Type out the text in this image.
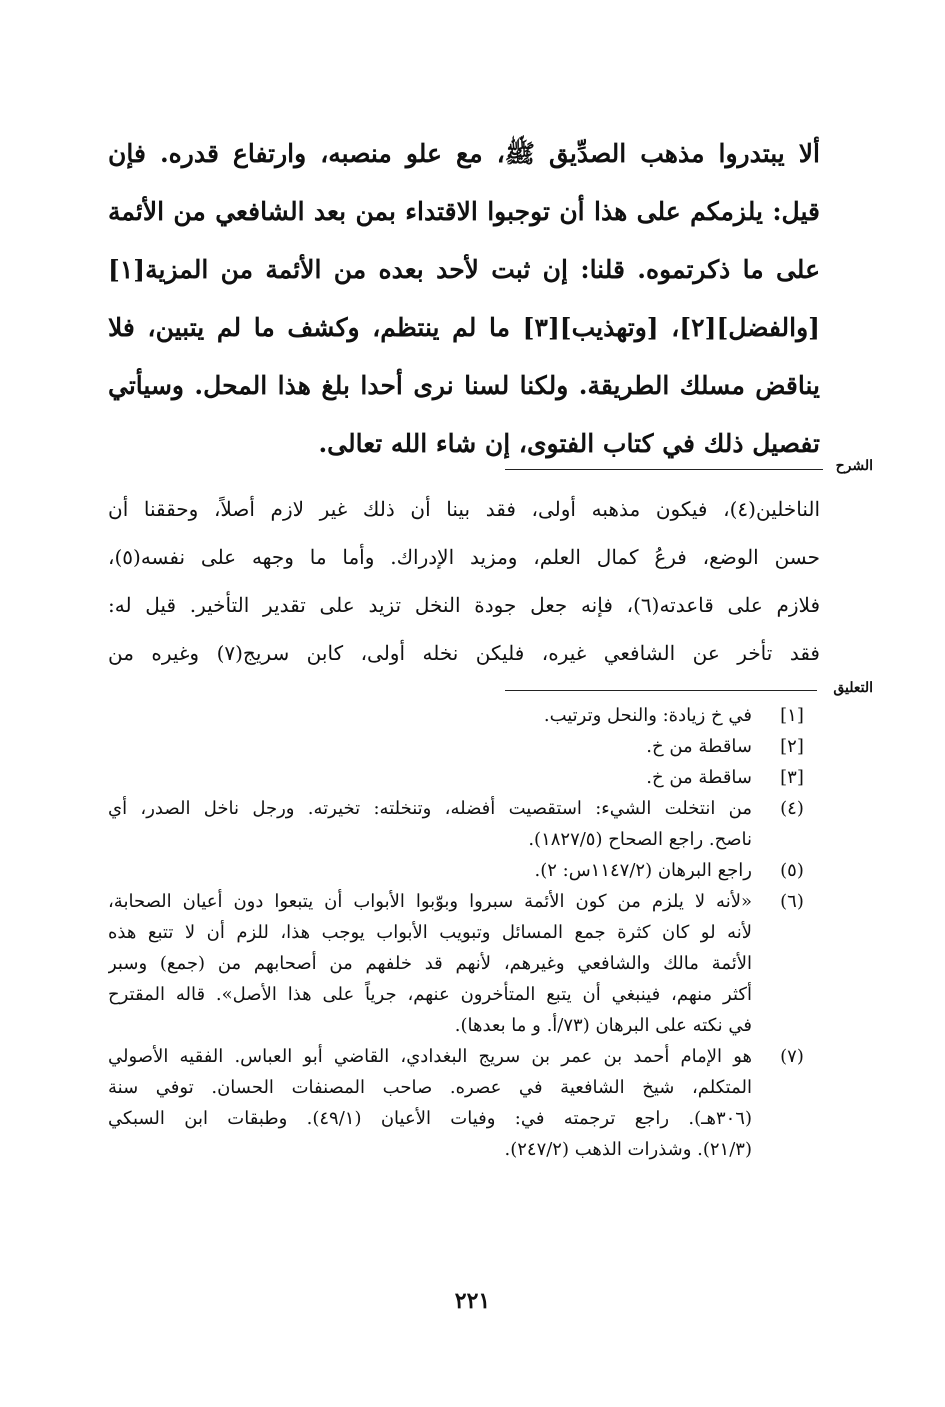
ألا يبتدروا مذهب الصدِّيق ﷺ، مع علو منصبه، وارتفاع قدره. فإن
قيل: يلزمكم على هذا أن توجبوا الاقتداء بمن بعد الشافعي من الأئمة
على ما ذكرتموه. قلنا: إن ثبت لأحد بعده من الأئمة من المزية[١]
[والفضل][٢]، [وتهذيب][٣] ما لم ينتظم، وكشف ما لم يتبين، فلا
يناقض مسلك الطريقة. ولكنا لسنا نرى أحدا بلغ هذا المحل. وسيأتي
تفصيل ذلك في كتاب الفتوى، إن شاء الله تعالى.
الشرح
الناخلين(٤)، فيكون مذهبه أولى، فقد بينا أن ذلك غير لازم أصلاً، وحققنا أن
حسن الوضع، فرعُ كمال العلم، ومزيد الإدراك. وأما ما وجهه على نفسه(٥)،
فلازم على قاعدته(٦)، فإنه جعل جودة النخل تزيد على تقدير التأخير. قيل له:
فقد تأخر عن الشافعي غيره، فليكن نخله أولى، كابن سريج(٧) وغيره من
التعليق
[١]
في خ زيادة: والنحل وترتيب.
[٢]
ساقطة من خ.
[٣]
ساقطة من خ.
(٤)
من انتخلت الشيء: استقصيت أفضله، وتنخلته: تخيرته. ورجل ناخل الصدر، أي
ناصح. راجع الصحاح (١٨٢٧/٥).
(٥)
راجع البرهان (١١٤٧/٢س: ٢).
(٦)
«لأنه لا يلزم من كون الأئمة سبروا وبوّبوا الأبواب أن يتبعوا دون أعيان الصحابة،
لأنه لو كان كثرة جمع المسائل وتبويب الأبواب يوجب هذا، للزم أن لا تتبع هذه
الأئمة مالك والشافعي وغيرهم، لأنهم قد خلفهم من أصحابهم من (جمع) وسبر
أكثر منهم، فينبغي أن يتبع المتأخرون عنهم، جرياً على هذا الأصل». قاله المقترح
في نكته على البرهان (٧٣/أ. و ما بعدها).
(٧)
هو الإمام أحمد بن عمر بن سريج البغدادي، القاضي أبو العباس. الفقيه الأصولي
المتكلم، شيخ الشافعية في عصره. صاحب المصنفات الحسان. توفي سنة
(٣٠٦هـ). راجع ترجمته في: وفيات الأعيان (٤٩/١). وطبقات ابن السبكي
(٢١/٣). وشذرات الذهب (٢٤٧/٢).
٢٢١
